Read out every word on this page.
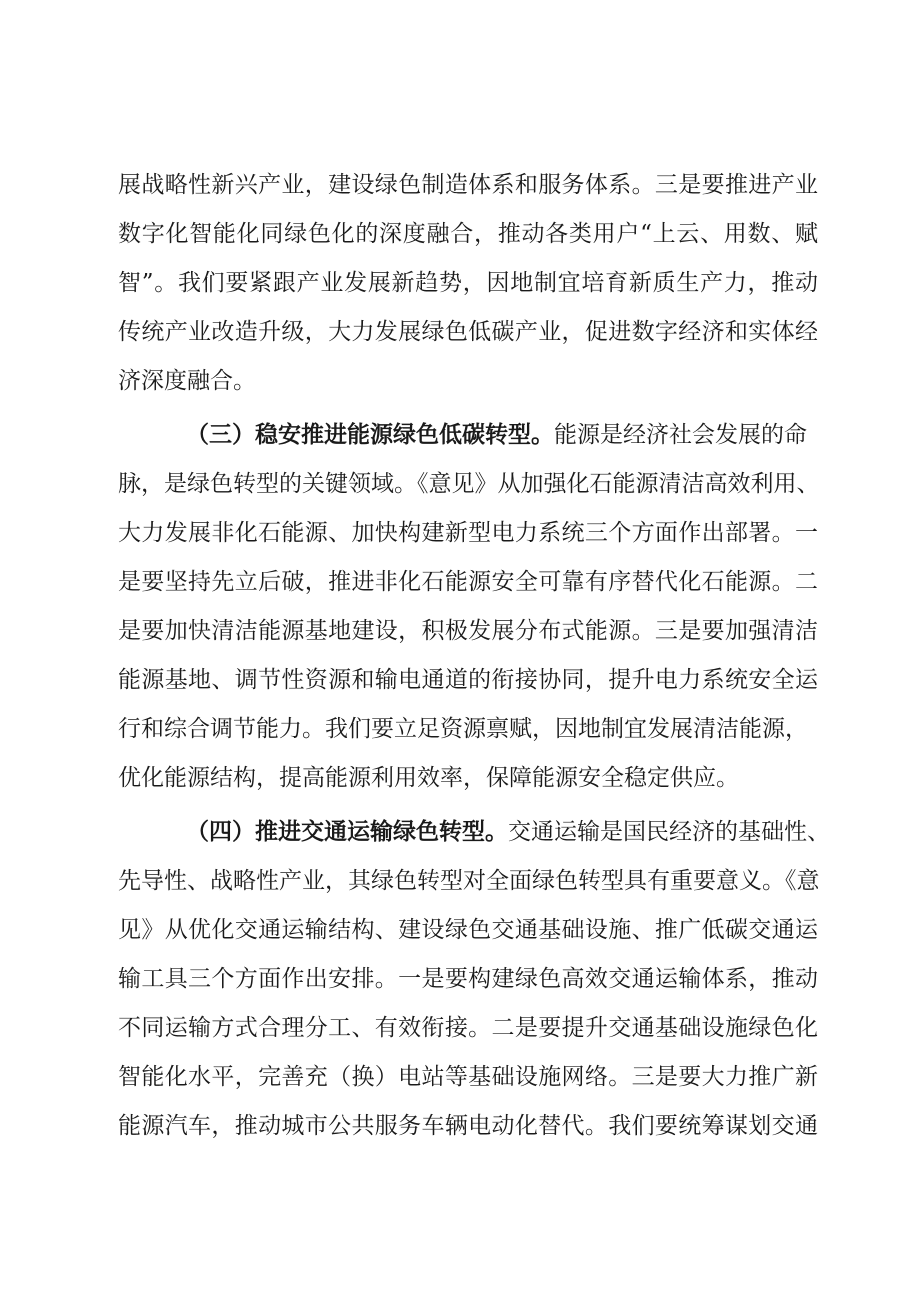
展战略性新兴产业，建设绿色制造体系和服务体系。三是要推进产业
数字化智能化同绿色化的深度融合，推动各类用户“上云、用数、赋
智”。我们要紧跟产业发展新趋势，因地制宜培育新质生产力，推动
传统产业改造升级，大力发展绿色低碳产业，促进数字经济和实体经
济深度融合。
（三）稳安推进能源绿色低碳转型。能源是经济社会发展的命
脉，是绿色转型的关键领域。《意见》从加强化石能源清洁高效利用、
大力发展非化石能源、加快构建新型电力系统三个方面作出部署。一
是要坚持先立后破，推进非化石能源安全可靠有序替代化石能源。二
是要加快清洁能源基地建设，积极发展分布式能源。三是要加强清洁
能源基地、调节性资源和输电通道的衔接协同，提升电力系统安全运
行和综合调节能力。我们要立足资源禀赋，因地制宜发展清洁能源，
优化能源结构，提高能源利用效率，保障能源安全稳定供应。
（四）推进交通运输绿色转型。交通运输是国民经济的基础性、
先导性、战略性产业，其绿色转型对全面绿色转型具有重要意义。《意
见》从优化交通运输结构、建设绿色交通基础设施、推广低碳交通运
输工具三个方面作出安排。一是要构建绿色高效交通运输体系，推动
不同运输方式合理分工、有效衔接。二是要提升交通基础设施绿色化
智能化水平，完善充（换）电站等基础设施网络。三是要大力推广新
能源汽车，推动城市公共服务车辆电动化替代。我们要统筹谋划交通
